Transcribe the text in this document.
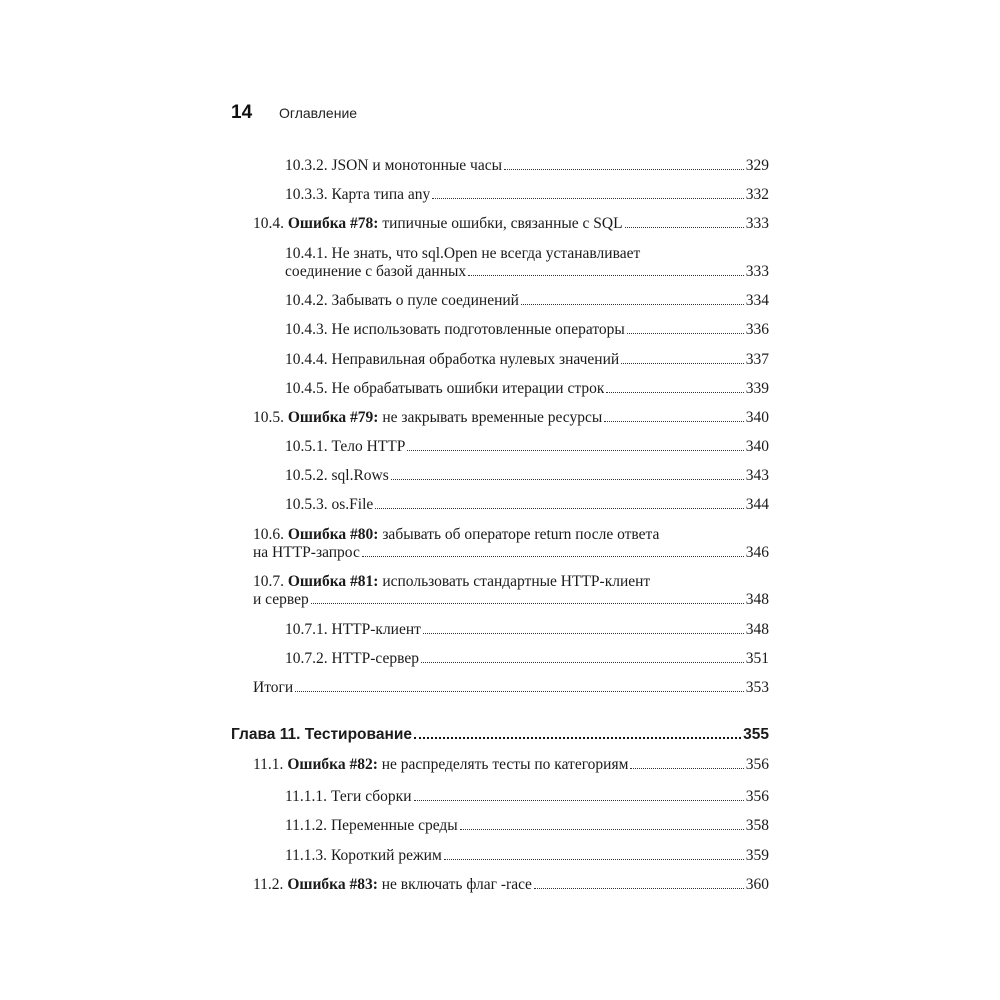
14	Оглавление
10.3.2. JSON и монотонные часы	329
10.3.3. Карта типа any	332
10.4. Ошибка #78: типичные ошибки, связанные с SQL	333
10.4.1. Не знать, что sql.Open не всегда устанавливает
соединение с базой данных	333
10.4.2. Забывать о пуле соединений	334
10.4.3. Не использовать подготовленные операторы	336
10.4.4. Неправильная обработка нулевых значений	337
10.4.5. Не обрабатывать ошибки итерации строк	339
10.5. Ошибка #79: не закрывать временные ресурсы	340
10.5.1. Тело HTTP	340
10.5.2. sql.Rows	343
10.5.3. os.File	344
10.6. Ошибка #80: забывать об операторе return после ответа
на HTTP-запрос	346
10.7. Ошибка #81: использовать стандартные HTTP-клиент
и сервер	348
10.7.1. HTTP-клиент	348
10.7.2. HTTP-сервер	351
Итоги	353
Глава 11. Тестирование	355
11.1. Ошибка #82: не распределять тесты по категориям	356
11.1.1. Теги сборки	356
11.1.2. Переменные среды	358
11.1.3. Короткий режим	359
11.2. Ошибка #83: не включать флаг -race	360
